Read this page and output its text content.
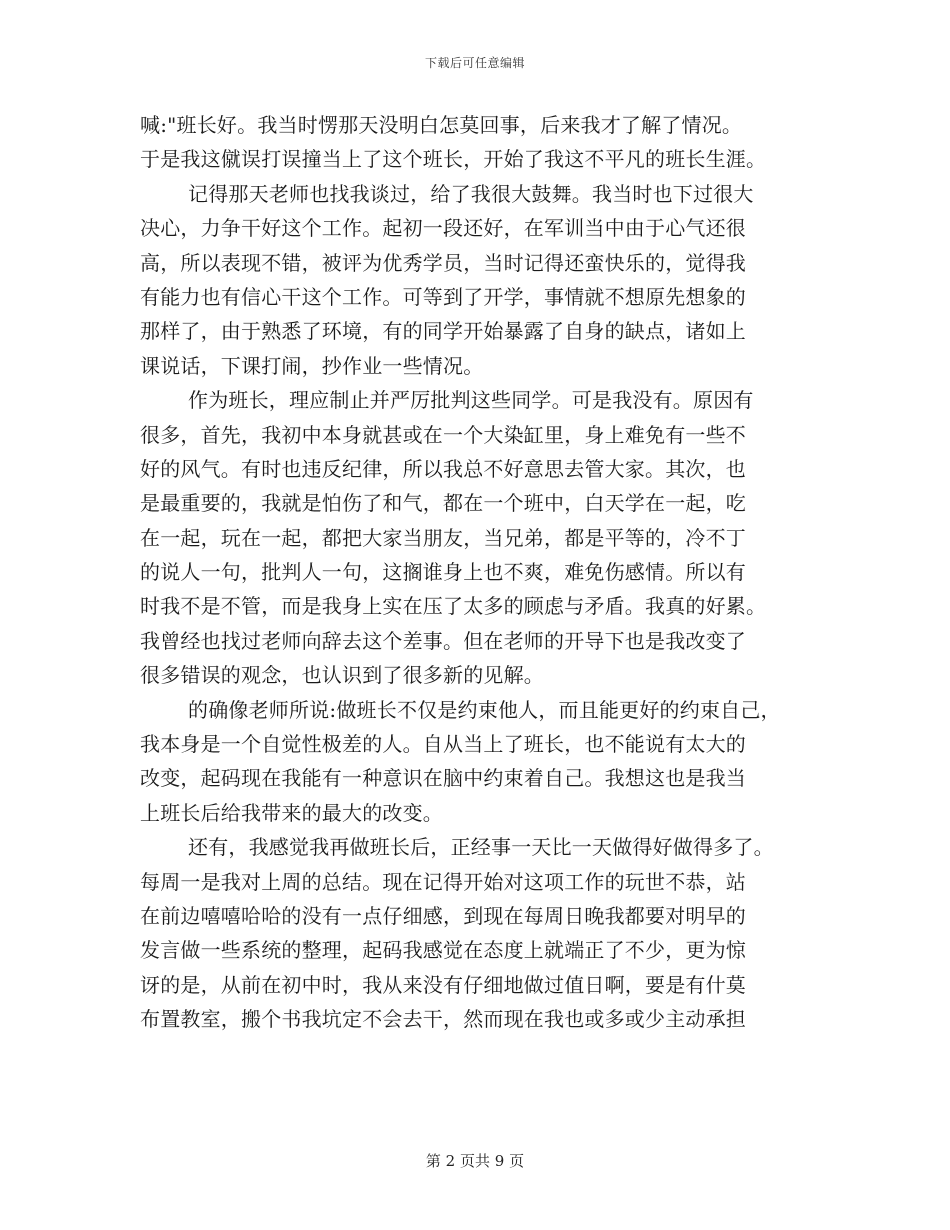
下载后可任意编辑
喊:"班长好。我当时愣那天没明白怎莫回事，后来我才了解了情况。
于是我这僦误打误撞当上了这个班长，开始了我这不平凡的班长生涯。
记得那天老师也找我谈过，给了我很大鼓舞。我当时也下过很大
决心，力争干好这个工作。起初一段还好，在军训当中由于心气还很
高，所以表现不错，被评为优秀学员，当时记得还蛮快乐的，觉得我
有能力也有信心干这个工作。可等到了开学，事情就不想原先想象的
那样了，由于熟悉了环境，有的同学开始暴露了自身的缺点，诸如上
课说话，下课打闹，抄作业一些情况。
作为班长，理应制止并严厉批判这些同学。可是我没有。原因有
很多，首先，我初中本身就甚或在一个大染缸里，身上难免有一些不
好的风气。有时也违反纪律，所以我总不好意思去管大家。其次，也
是最重要的，我就是怕伤了和气，都在一个班中，白天学在一起，吃
在一起，玩在一起，都把大家当朋友，当兄弟，都是平等的，冷不丁
的说人一句，批判人一句，这搁谁身上也不爽，难免伤感情。所以有
时我不是不管，而是我身上实在压了太多的顾虑与矛盾。我真的好累。
我曾经也找过老师向辞去这个差事。但在老师的开导下也是我改变了
很多错误的观念，也认识到了很多新的见解。
的确像老师所说:做班长不仅是约束他人，而且能更好的约束自己，
我本身是一个自觉性极差的人。自从当上了班长，也不能说有太大的
改变，起码现在我能有一种意识在脑中约束着自己。我想这也是我当
上班长后给我带来的最大的改变。
还有，我感觉我再做班长后，正经事一天比一天做得好做得多了。
每周一是我对上周的总结。现在记得开始对这项工作的玩世不恭，站
在前边嘻嘻哈哈的没有一点仔细感，到现在每周日晚我都要对明早的
发言做一些系统的整理，起码我感觉在态度上就端正了不少，更为惊
讶的是，从前在初中时，我从来没有仔细地做过值日啊，要是有什莫
布置教室，搬个书我坑定不会去干，然而现在我也或多或少主动承担
第 2 页共 9 页
